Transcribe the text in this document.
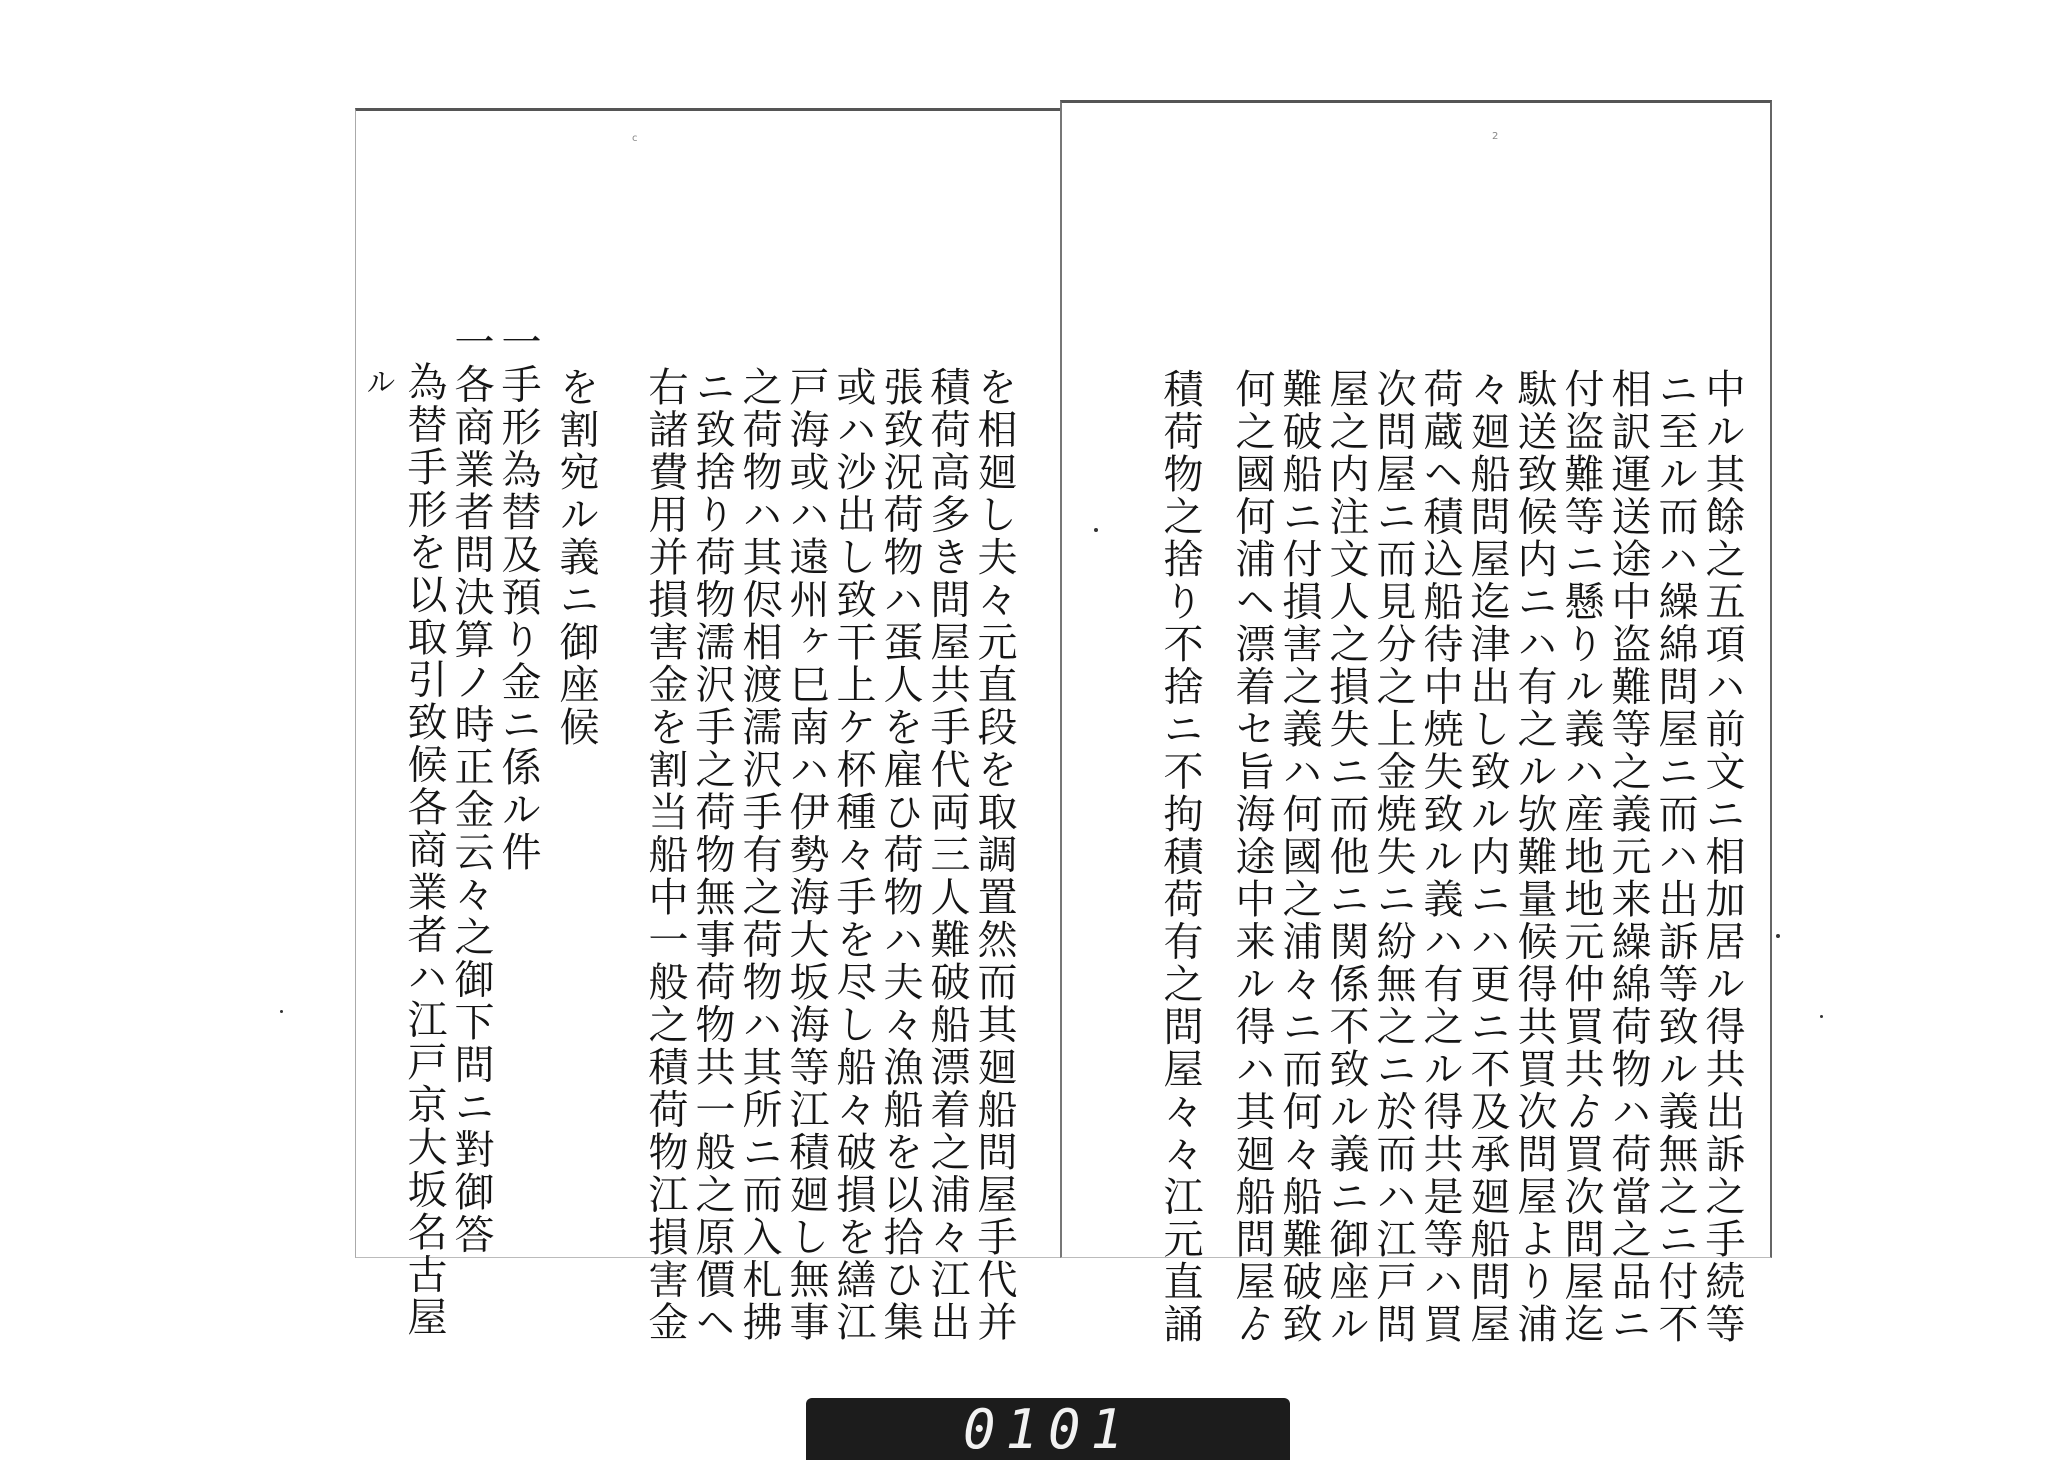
c
を相廻し夫々元直段を取調置然而其廻船問屋手代并
積荷高多き問屋共手代両三人難破船漂着之浦々江出
張致況荷物ハ蛋人を雇ひ荷物ハ夫々漁船を以拾ひ集
或ハ沙出し致干上ケ杯種々手を尽し船々破損を繕江
戸海或ハ遠州ヶ巳南ハ伊勢海大坂海等江積廻し無事
之荷物ハ其侭相渡濡沢手有之荷物ハ其所ニ而入札拂
ニ致捨り荷物濡沢手之荷物無事荷物共一般之原價ヘ
右諸費用并損害金を割当船中一般之積荷物江損害金
を割宛ル義ニ御座候
一手形為替及預り金ニ係ル件
一各商業者問決算ノ時正金云々之御下問ニ對御答
為替手形を以取引致候各商業者ハ江戸京大坂名古屋
ル
2
中ル其餘之五項ハ前文ニ相加居ル得共出訴之手続等
ニ至ル而ハ繰綿問屋ニ而ハ出訴等致ル義無之ニ付不
相訳運送途中盗難等之義元来繰綿荷物ハ荷當之品ニ
付盗難等ニ懸りル義ハ産地地元仲買共ゟ買次問屋迄
駄送致候内ニハ有之ル欤難量候得共買次問屋より浦
々廻船問屋迄津出し致ル内ニハ更ニ不及承廻船問屋
荷蔵ヘ積込船待中焼失致ル義ハ有之ル得共是等ハ買
次問屋ニ而見分之上金焼失ニ紛無之ニ於而ハ江戸問
屋之内注文人之損失ニ而他ニ関係不致ル義ニ御座ル
難破船ニ付損害之義ハ何國之浦々ニ而何々船難破致
何之國何浦ヘ漂着セ旨海途中来ル得ハ其廻船問屋ゟ
積荷物之捨り不捨ニ不拘積荷有之問屋々々江元直誦
0101
